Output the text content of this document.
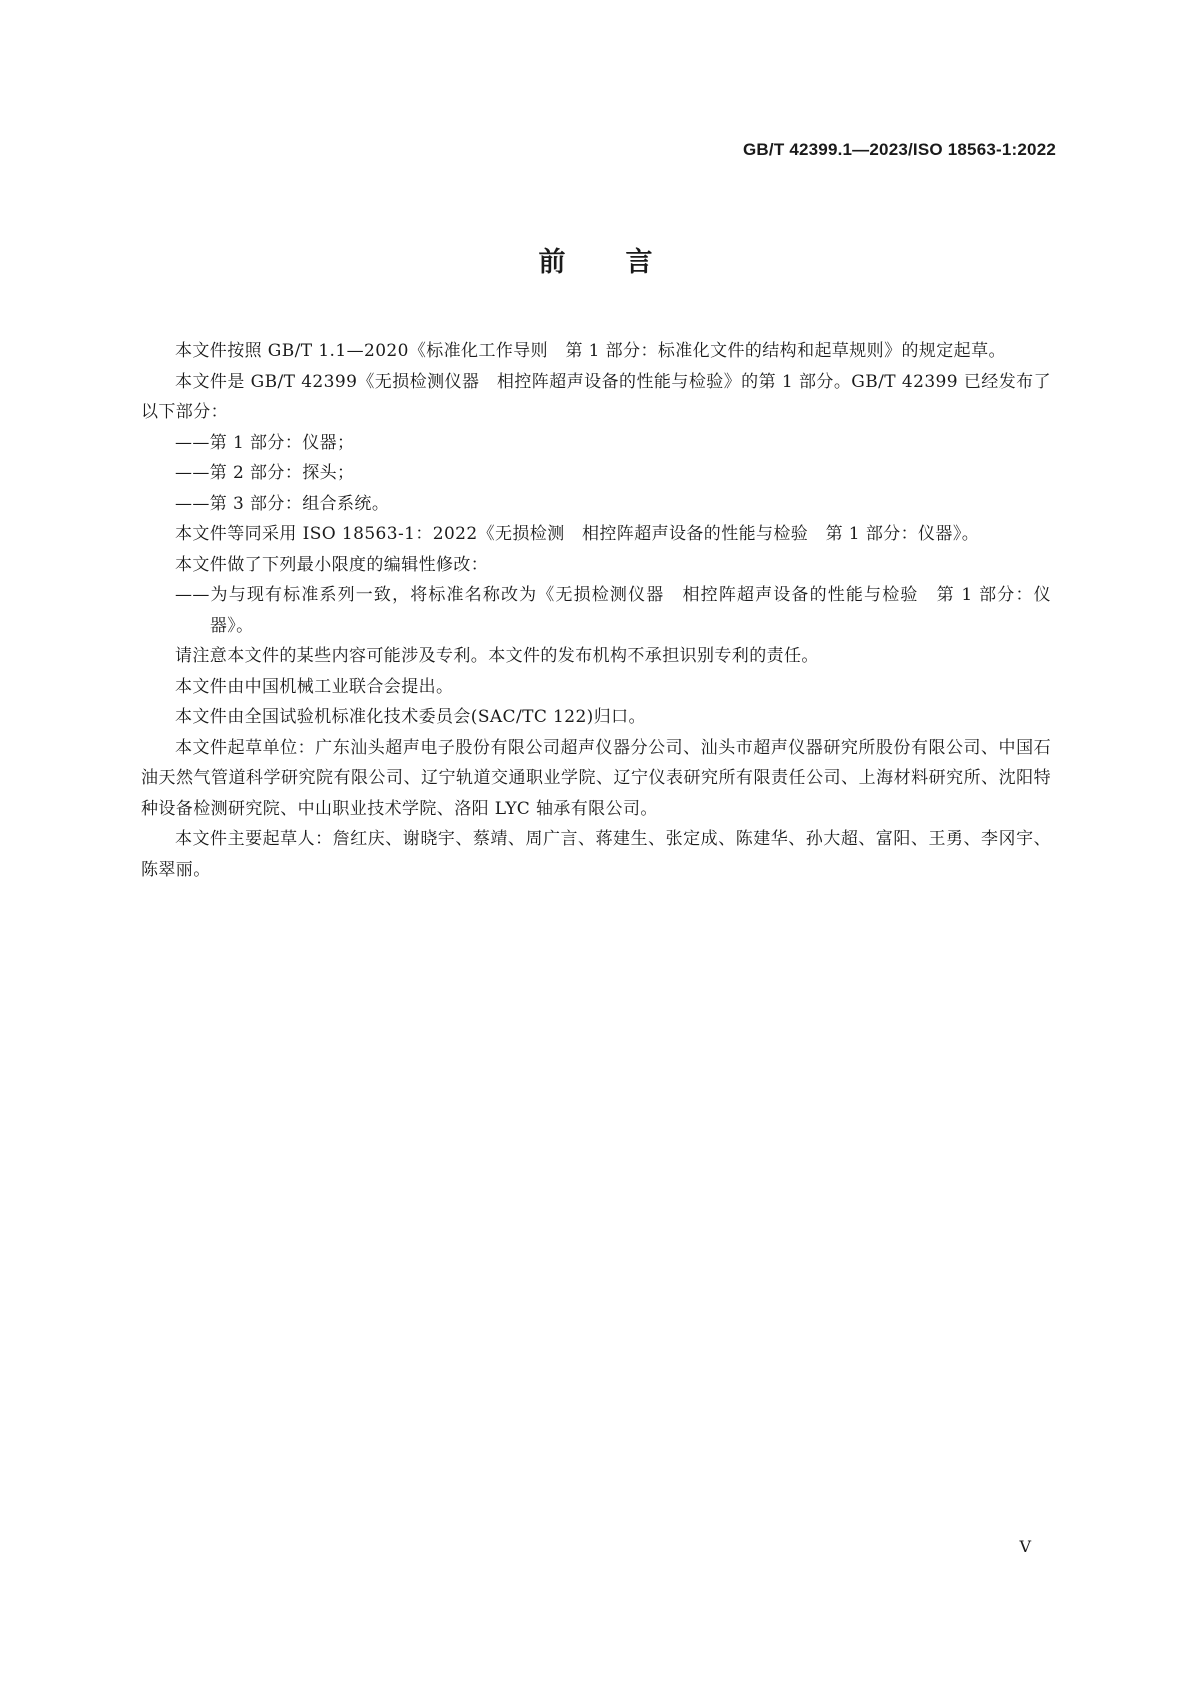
GB/T 42399.1—2023/ISO 18563-1:2022
前言

本文件按照 GB/T 1.1—2020《标准化工作导则　第 1 部分：标准化文件的结构和起草规则》的规定起草。

本文件是 GB/T 42399《无损检测仪器　相控阵超声设备的性能与检验》的第 1 部分。GB/T 42399 已经发布了以下部分：

——第 1 部分：仪器；

——第 2 部分：探头；

——第 3 部分：组合系统。

本文件等同采用 ISO 18563-1：2022《无损检测　相控阵超声设备的性能与检验　第 1 部分：仪器》。

本文件做了下列最小限度的编辑性修改：

——为与现有标准系列一致，将标准名称改为《无损检测仪器　相控阵超声设备的性能与检验　第 1 部分：仪器》。

请注意本文件的某些内容可能涉及专利。本文件的发布机构不承担识别专利的责任。

本文件由中国机械工业联合会提出。

本文件由全国试验机标准化技术委员会(SAC/TC 122)归口。

本文件起草单位：广东汕头超声电子股份有限公司超声仪器分公司、汕头市超声仪器研究所股份有限公司、中国石油天然气管道科学研究院有限公司、辽宁轨道交通职业学院、辽宁仪表研究所有限责任公司、上海材料研究所、沈阳特种设备检测研究院、中山职业技术学院、洛阳 LYC 轴承有限公司。

本文件主要起草人：詹红庆、谢晓宇、蔡靖、周广言、蒋建生、张定成、陈建华、孙大超、富阳、王勇、李冈宇、陈翠丽。

V
